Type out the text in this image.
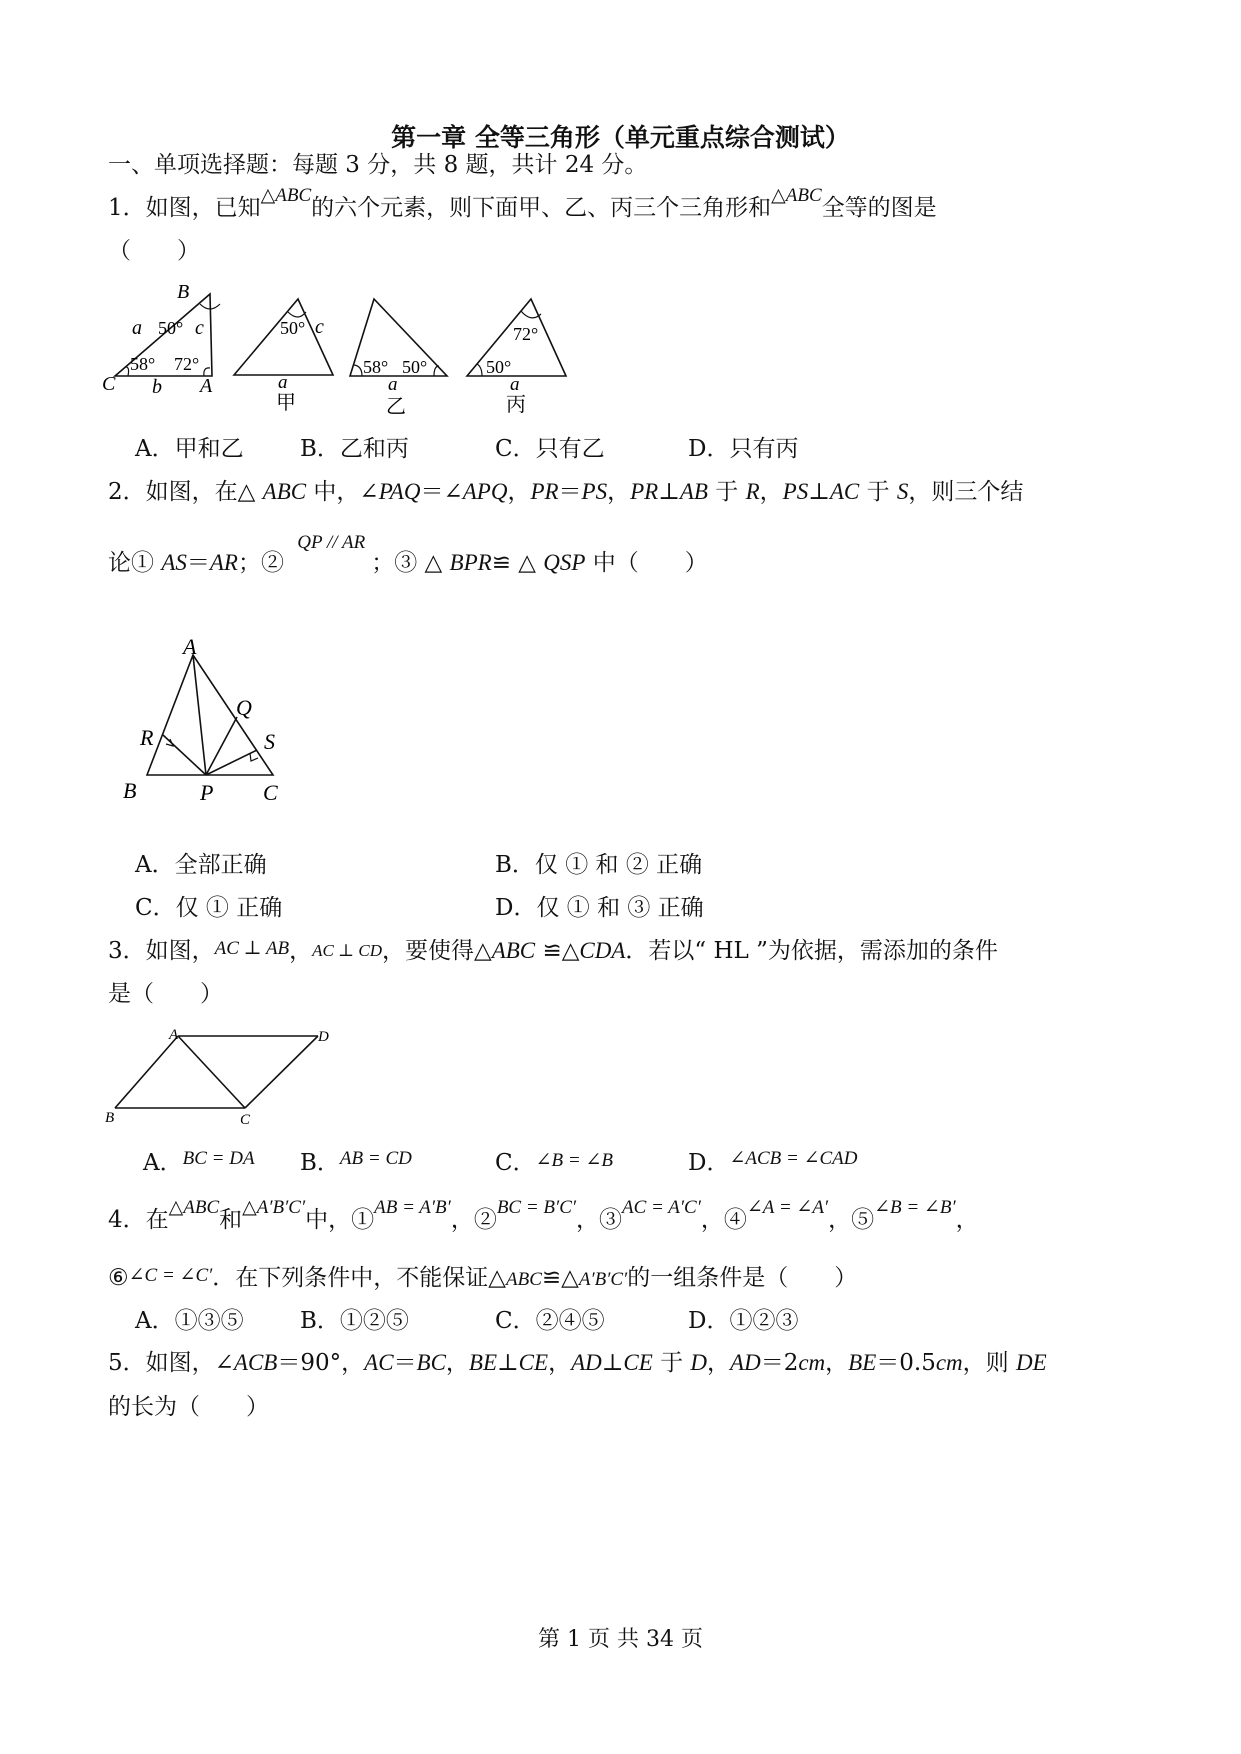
第一章 全等三角形（单元重点综合测试）
一、单项选择题：每题 3 分，共 8 题，共计 24 分。
1．如图，已知$^{\triangle ABC}$的六个元素，则下面甲、乙、丙三个三角形和$^{\triangle ABC}$全等的图是
（　　）
B
C	A
a	c
b
50°
58° 72°
50° c
a
甲
58° 50°
a
乙
72°
50°
a
丙
A．甲和乙 B．乙和丙	C．只有乙	D．只有丙
2．如图，在△ ABC 中，∠PAQ＝∠APQ，PR＝PS，PR⊥AB 于 R，PS⊥AC 于 S，则三个结
论① AS＝AR；② $^{QP // AR}$；③ △ BPR≌ △ QSP 中（　　）
A
B	C
P
Q
R	S
A．全部正确	B．仅 ① 和 ② 正确
C．仅 ① 正确	D．仅 ① 和 ③ 正确
3．如图，AC ⊥ AB，AC ⊥ CD，要使得△ABC ≌△CDA．若以“ HL ”为依据，需添加的条件
是（　　）
A	D
B	C
A．$^{BC = DA}$ B．$^{AB = CD}$	C．∠B = ∠B	D．$^{\angle ACB = \angle CAD}$
4．在$^{\triangle ABC}$和$^{\triangle A'B'C'}$中，①$^{AB = A'B'}$，②$^{BC = B'C'}$，③$^{AC = A'C'}$，④$^{\angle A = \angle A'}$，⑤$^{\angle B = \angle B'}$，
⑥∠C = ∠C′．在下列条件中，不能保证△ABC≌△A′B′C′的一组条件是（　　）
A．①③⑤ B．①②⑤	C．②④⑤	D．①②③
5．如图，∠ACB＝90°，AC＝BC，BE⊥CE，AD⊥CE 于 D，AD＝2cm，BE＝0.5cm，则 DE
的长为（　　）
第 1 页 共 34 页
